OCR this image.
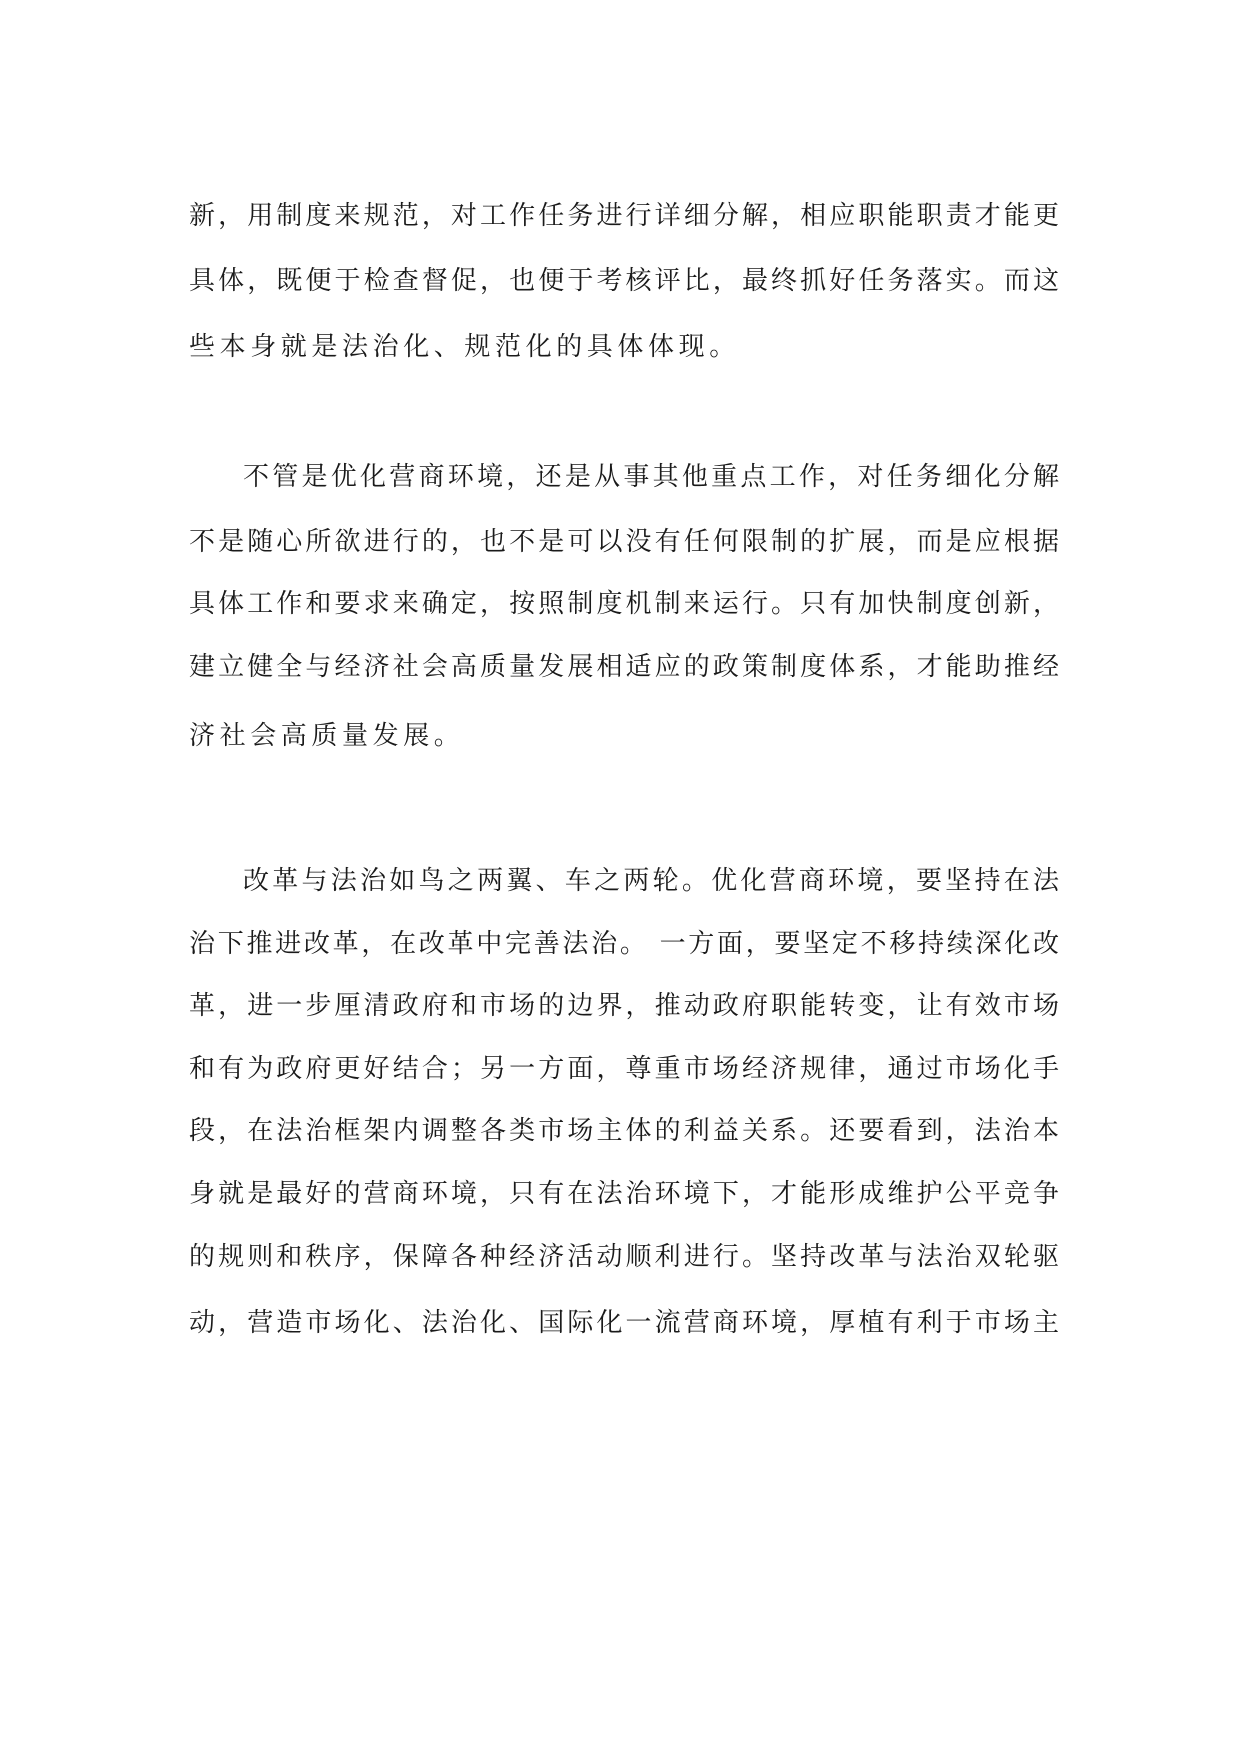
新，用制度来规范，对工作任务进行详细分解，相应职能职责才能更
具体，既便于检查督促，也便于考核评比，最终抓好任务落实。而这
些本身就是法治化、规范化的具体体现。
不管是优化营商环境，还是从事其他重点工作，对任务细化分解
不是随心所欲进行的，也不是可以没有任何限制的扩展，而是应根据
具体工作和要求来确定，按照制度机制来运行。只有加快制度创新，
建立健全与经济社会高质量发展相适应的政策制度体系，才能助推经
济社会高质量发展。
改革与法治如鸟之两翼、车之两轮。优化营商环境，要坚持在法
治下推进改革，在改革中完善法治。 一方面，要坚定不移持续深化改
革，进一步厘清政府和市场的边界，推动政府职能转变，让有效市场
和有为政府更好结合；另一方面，尊重市场经济规律，通过市场化手
段，在法治框架内调整各类市场主体的利益关系。还要看到，法治本
身就是最好的营商环境，只有在法治环境下，才能形成维护公平竞争
的规则和秩序，保障各种经济活动顺利进行。坚持改革与法治双轮驱
动，营造市场化、法治化、国际化一流营商环境，厚植有利于市场主
